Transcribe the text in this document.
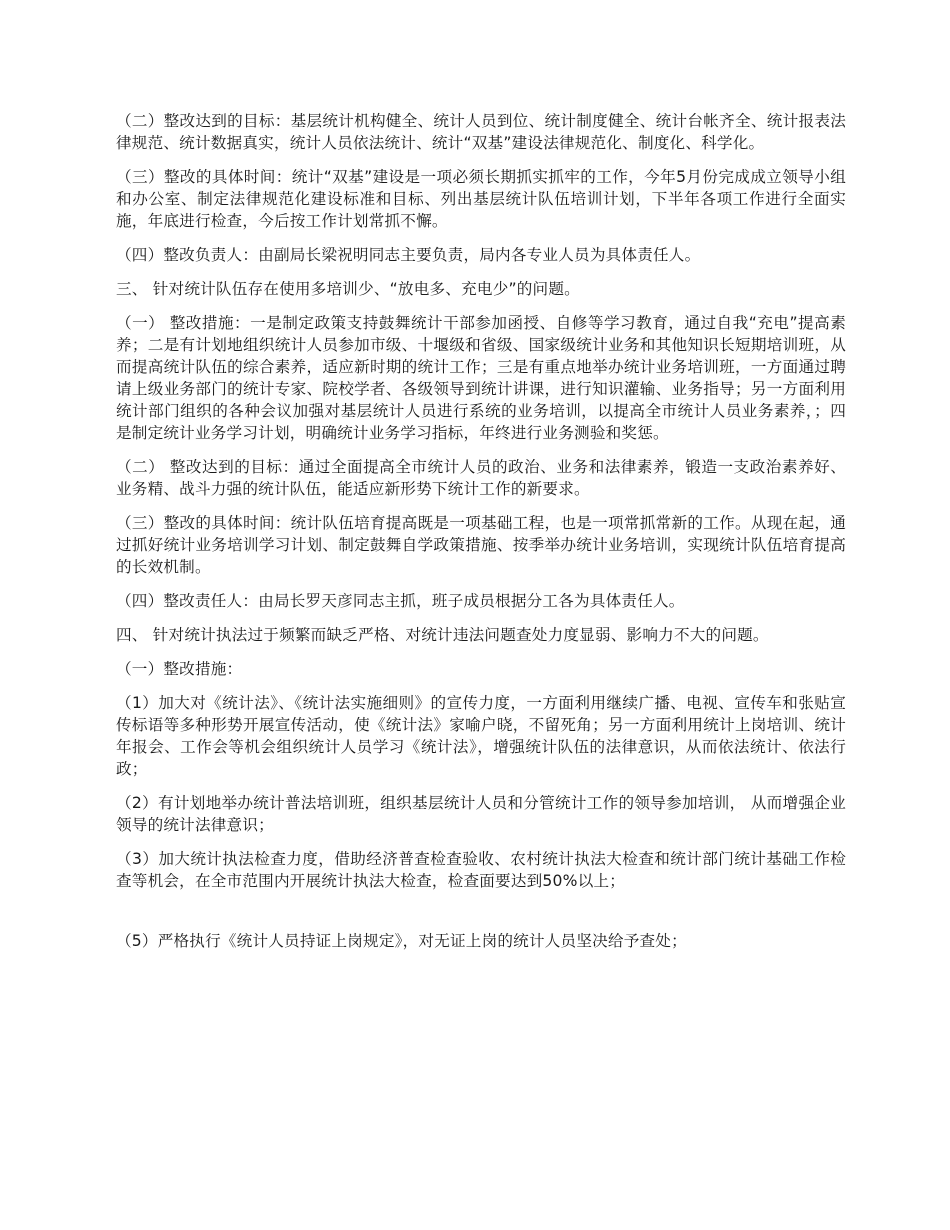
（二）整改达到的目标：基层统计机构健全、统计人员到位、统计制度健全、统计台帐齐全、统计报表法律规范、统计数据真实，统计人员依法统计、统计“双基”建设法律规范化、制度化、科学化。

（三）整改的具体时间：统计“双基”建设是一项必须长期抓实抓牢的工作，今年5月份完成成立领导小组和办公室、制定法律规范化建设标准和目标、列出基层统计队伍培训计划，下半年各项工作进行全面实施，年底进行检查，今后按工作计划常抓不懈。

（四）整改负责人：由副局长梁祝明同志主要负责，局内各专业人员为具体责任人。

三、 针对统计队伍存在使用多培训少、“放电多、充电少”的问题。

（一） 整改措施：一是制定政策支持鼓舞统计干部参加函授、自修等学习教育，通过自我“充电”提高素养；二是有计划地组织统计人员参加市级、十堰级和省级、国家级统计业务和其他知识长短期培训班，从而提高统计队伍的综合素养，适应新时期的统计工作；三是有重点地举办统计业务培训班，一方面通过聘请上级业务部门的统计专家、院校学者、各级领导到统计讲课，进行知识灌输、业务指导；另一方面利用统计部门组织的各种会议加强对基层统计人员进行系统的业务培训，以提高全市统计人员业务素养，；四是制定统计业务学习计划，明确统计业务学习指标，年终进行业务测验和奖惩。

（二） 整改达到的目标：通过全面提高全市统计人员的政治、业务和法律素养，锻造一支政治素养好、业务精、战斗力强的统计队伍，能适应新形势下统计工作的新要求。

（三）整改的具体时间：统计队伍培育提高既是一项基础工程，也是一项常抓常新的工作。从现在起，通过抓好统计业务培训学习计划、制定鼓舞自学政策措施、按季举办统计业务培训，实现统计队伍培育提高的长效机制。

（四）整改责任人：由局长罗天彦同志主抓，班子成员根据分工各为具体责任人。

四、 针对统计执法过于频繁而缺乏严格、对统计违法问题查处力度显弱、影响力不大的问题。

（一）整改措施：

（1）加大对《统计法》、《统计法实施细则》的宣传力度，一方面利用继续广播、电视、宣传车和张贴宣传标语等多种形势开展宣传活动，使《统计法》家喻户晓，不留死角；另一方面利用统计上岗培训、统计年报会、工作会等机会组织统计人员学习《统计法》，增强统计队伍的法律意识，从而依法统计、依法行政；

（2）有计划地举办统计普法培训班，组织基层统计人员和分管统计工作的领导参加培训， 从而增强企业领导的统计法律意识；

（3）加大统计执法检查力度，借助经济普查检查验收、农村统计执法大检查和统计部门统计基础工作检查等机会，在全市范围内开展统计执法大检查，检查面要达到50%以上；

（5）严格执行《统计人员持证上岗规定》，对无证上岗的统计人员坚决给予查处；
